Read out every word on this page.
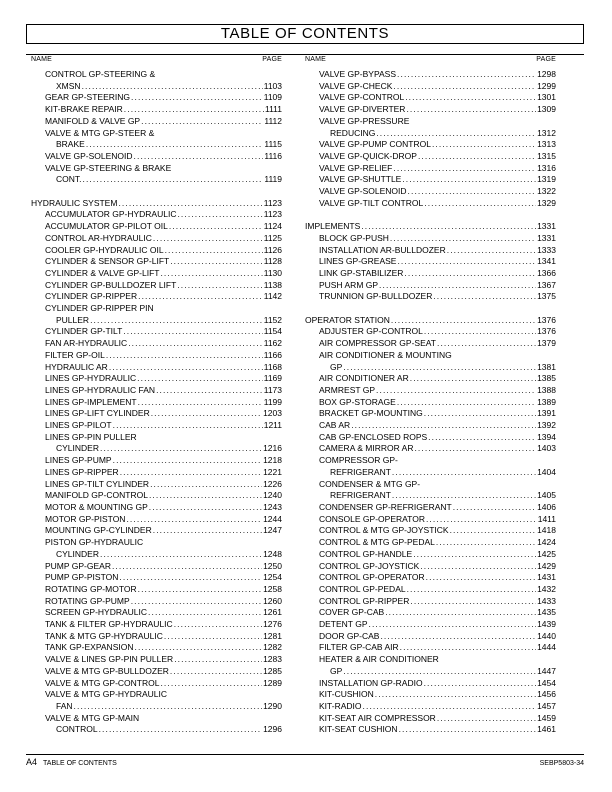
TABLE OF CONTENTS
NAME	PAGE
CONTROL GP-STEERING &
XMSN .....	1103
GEAR GP-STEERING .....	1109
KIT-BRAKE REPAIR .....	1111
MANIFOLD & VALVE GP .....	1112
VALVE & MTG GP-STEER &
BRAKE .....	1115
VALVE GP-SOLENOID .....	1116
VALVE GP-STEERING & BRAKE
CONT. .....	1119
HYDRAULIC SYSTEM .....	1123
ACCUMULATOR GP-HYDRAULIC .....	1123
ACCUMULATOR GP-PILOT OIL .....	1124
CONTROL AR-HYDRAULIC .....	1125
COOLER GP-HYDRAULIC OIL .....	1126
CYLINDER & SENSOR GP-LIFT .....	1128
CYLINDER & VALVE GP-LIFT .....	1130
CYLINDER GP-BULLDOZER LIFT .....	1138
CYLINDER GP-RIPPER .....	1142
CYLINDER GP-RIPPER PIN
PULLER .....	1152
CYLINDER GP-TILT .....	1154
FAN AR-HYDRAULIC .....	1162
FILTER GP-OIL .....	1166
HYDRAULIC AR .....	1168
LINES GP-HYDRAULIC .....	1169
LINES GP-HYDRAULIC FAN .....	1173
LINES GP-IMPLEMENT .....	1199
LINES GP-LIFT CYLINDER .....	1203
LINES GP-PILOT .....	1211
LINES GP-PIN PULLER
CYLINDER .....	1216
LINES GP-PUMP .....	1218
LINES GP-RIPPER .....	1221
LINES GP-TILT CYLINDER .....	1226
MANIFOLD GP-CONTROL .....	1240
MOTOR & MOUNTING GP .....	1243
MOTOR GP-PISTON .....	1244
MOUNTING GP-CYLINDER .....	1247
PISTON GP-HYDRAULIC
CYLINDER .....	1248
PUMP GP-GEAR .....	1250
PUMP GP-PISTON .....	1254
ROTATING GP-MOTOR .....	1258
ROTATING GP-PUMP .....	1260
SCREEN GP-HYDRAULIC .....	1261
TANK & FILTER GP-HYDRAULIC .....	1276
TANK & MTG GP-HYDRAULIC .....	1281
TANK GP-EXPANSION .....	1282
VALVE & LINES GP-PIN PULLER .....	1283
VALVE & MTG GP-BULLDOZER .....	1285
VALVE & MTG GP-CONTROL .....	1289
VALVE & MTG GP-HYDRAULIC
FAN .....	1290
VALVE & MTG GP-MAIN
CONTROL .....	1296
NAME	PAGE
VALVE GP-BYPASS .....	1298
VALVE GP-CHECK .....	1299
VALVE GP-CONTROL .....	1301
VALVE GP-DIVERTER .....	1309
VALVE GP-PRESSURE
REDUCING .....	1312
VALVE GP-PUMP CONTROL .....	1313
VALVE GP-QUICK-DROP .....	1315
VALVE GP-RELIEF .....	1316
VALVE GP-SHUTTLE .....	1319
VALVE GP-SOLENOID .....	1322
VALVE GP-TILT CONTROL .....	1329
IMPLEMENTS .....	1331
BLOCK GP-PUSH .....	1331
INSTALLATION AR-BULLDOZER .....	1333
LINES GP-GREASE .....	1341
LINK GP-STABILIZER .....	1366
PUSH ARM GP .....	1367
TRUNNION GP-BULLDOZER .....	1375
OPERATOR STATION .....	1376
ADJUSTER GP-CONTROL .....	1376
AIR COMPRESSOR GP-SEAT .....	1379
AIR CONDITIONER & MOUNTING
GP .....	1381
AIR CONDITIONER AR .....	1385
ARMREST GP .....	1388
BOX GP-STORAGE .....	1389
BRACKET GP-MOUNTING .....	1391
CAB AR .....	1392
CAB GP-ENCLOSED ROPS .....	1394
CAMERA & MIRROR AR .....	1403
COMPRESSOR GP-
REFRIGERANT .....	1404
CONDENSER & MTG GP-
REFRIGERANT .....	1405
CONDENSER GP-REFRIGERANT .....	1406
CONSOLE GP-OPERATOR .....	1411
CONTROL & MTG GP-JOYSTICK .....	1418
CONTROL & MTG GP-PEDAL .....	1424
CONTROL GP-HANDLE .....	1425
CONTROL GP-JOYSTICK .....	1429
CONTROL GP-OPERATOR .....	1431
CONTROL GP-PEDAL .....	1432
CONTROL GP-RIPPER .....	1433
COVER GP-CAB .....	1435
DETENT GP .....	1439
DOOR GP-CAB .....	1440
FILTER GP-CAB AIR .....	1444
HEATER & AIR CONDITIONER
GP .....	1447
INSTALLATION GP-RADIO .....	1454
KIT-CUSHION .....	1456
KIT-RADIO .....	1457
KIT-SEAT AIR COMPRESSOR .....	1459
KIT-SEAT CUSHION .....	1461
A4 TABLE OF CONTENTS	SEBP5803-34
